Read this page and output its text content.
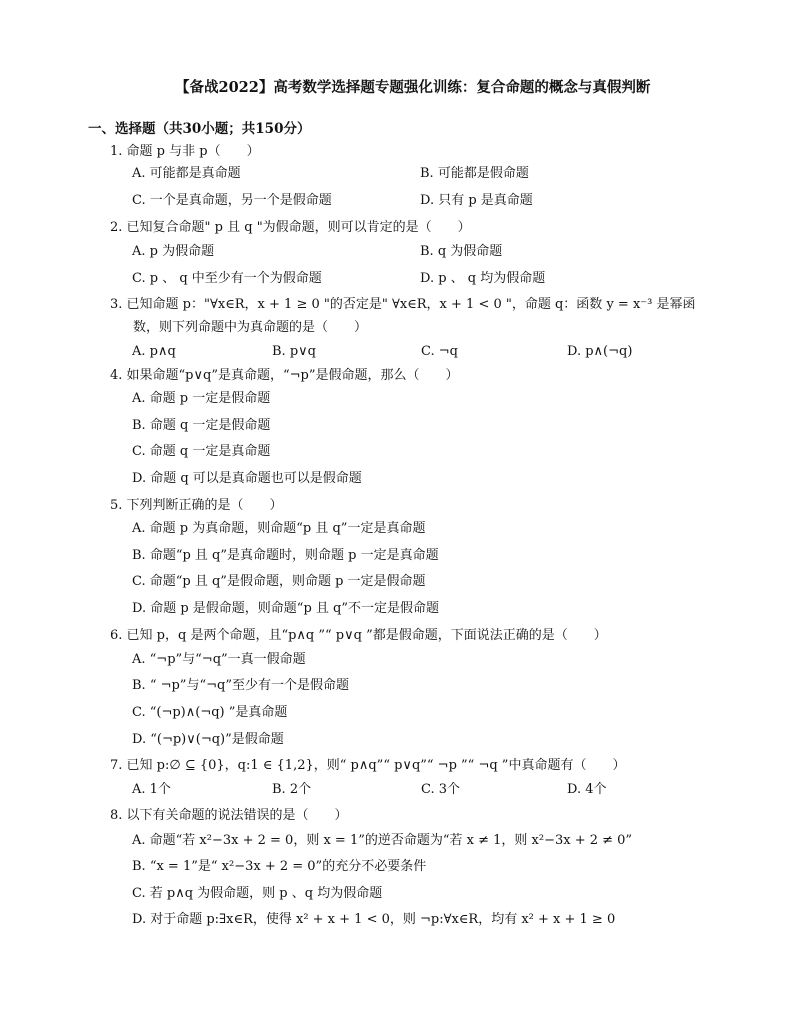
【备战2022】高考数学选择题专题强化训练：复合命题的概念与真假判断
一、选择题（共30小题；共150分）
1. 命题 p 与非 p（　　）
A. 可能都是真命题	B. 可能都是假命题
C. 一个是真命题，另一个是假命题	D. 只有 p 是真命题
2. 已知复合命题" p 且 q "为假命题，则可以肯定的是（　　）
A. p 为假命题	B. q 为假命题
C. p 、 q 中至少有一个为假命题	D. p 、 q 均为假命题
3. 已知命题 p："∀x∈R，x + 1 ≥ 0 "的否定是" ∀x∈R，x + 1 < 0 "，命题 q：函数 y = x⁻³ 是幂函
数，则下列命题中为真命题的是（　　）
A. p∧q	B. p∨q	C. ¬q	D. p∧(¬q)
4. 如果命题“p∨q”是真命题，“¬p”是假命题，那么（　　）
A. 命题 p 一定是假命题
B. 命题 q 一定是假命题
C. 命题 q 一定是真命题
D. 命题 q 可以是真命题也可以是假命题
5. 下列判断正确的是（　　）
A. 命题 p 为真命题，则命题“p 且 q”一定是真命题
B. 命题“p 且 q”是真命题时，则命题 p 一定是真命题
C. 命题“p 且 q”是假命题，则命题 p 一定是假命题
D. 命题 p 是假命题，则命题“p 且 q”不一定是假命题
6. 已知 p，q 是两个命题，且“p∧q ”“ p∨q ”都是假命题，下面说法正确的是（　　）
A. “¬p”与“¬q”一真一假命题
B. “ ¬p”与“¬q”至少有一个是假命题
C. “(¬p)∧(¬q) ”是真命题
D. “(¬p)∨(¬q)”是假命题
7. 已知 p:∅ ⊆ {0}，q:1 ∈ {1,2}，则“ p∧q”“ p∨q”“ ¬p ”“ ¬q ”中真命题有（　　）
A. 1个	B. 2个	C. 3个	D. 4个
8. 以下有关命题的说法错误的是（　　）
A. 命题“若 x²−3x + 2 = 0，则 x = 1”的逆否命题为“若 x ≠ 1，则 x²−3x + 2 ≠ 0”
B. “x = 1”是“ x²−3x + 2 = 0”的充分不必要条件
C. 若 p∧q 为假命题，则 p 、q 均为假命题
D. 对于命题 p:∃x∈R，使得 x² + x + 1 < 0，则 ¬p:∀x∈R，均有 x² + x + 1 ≥ 0
